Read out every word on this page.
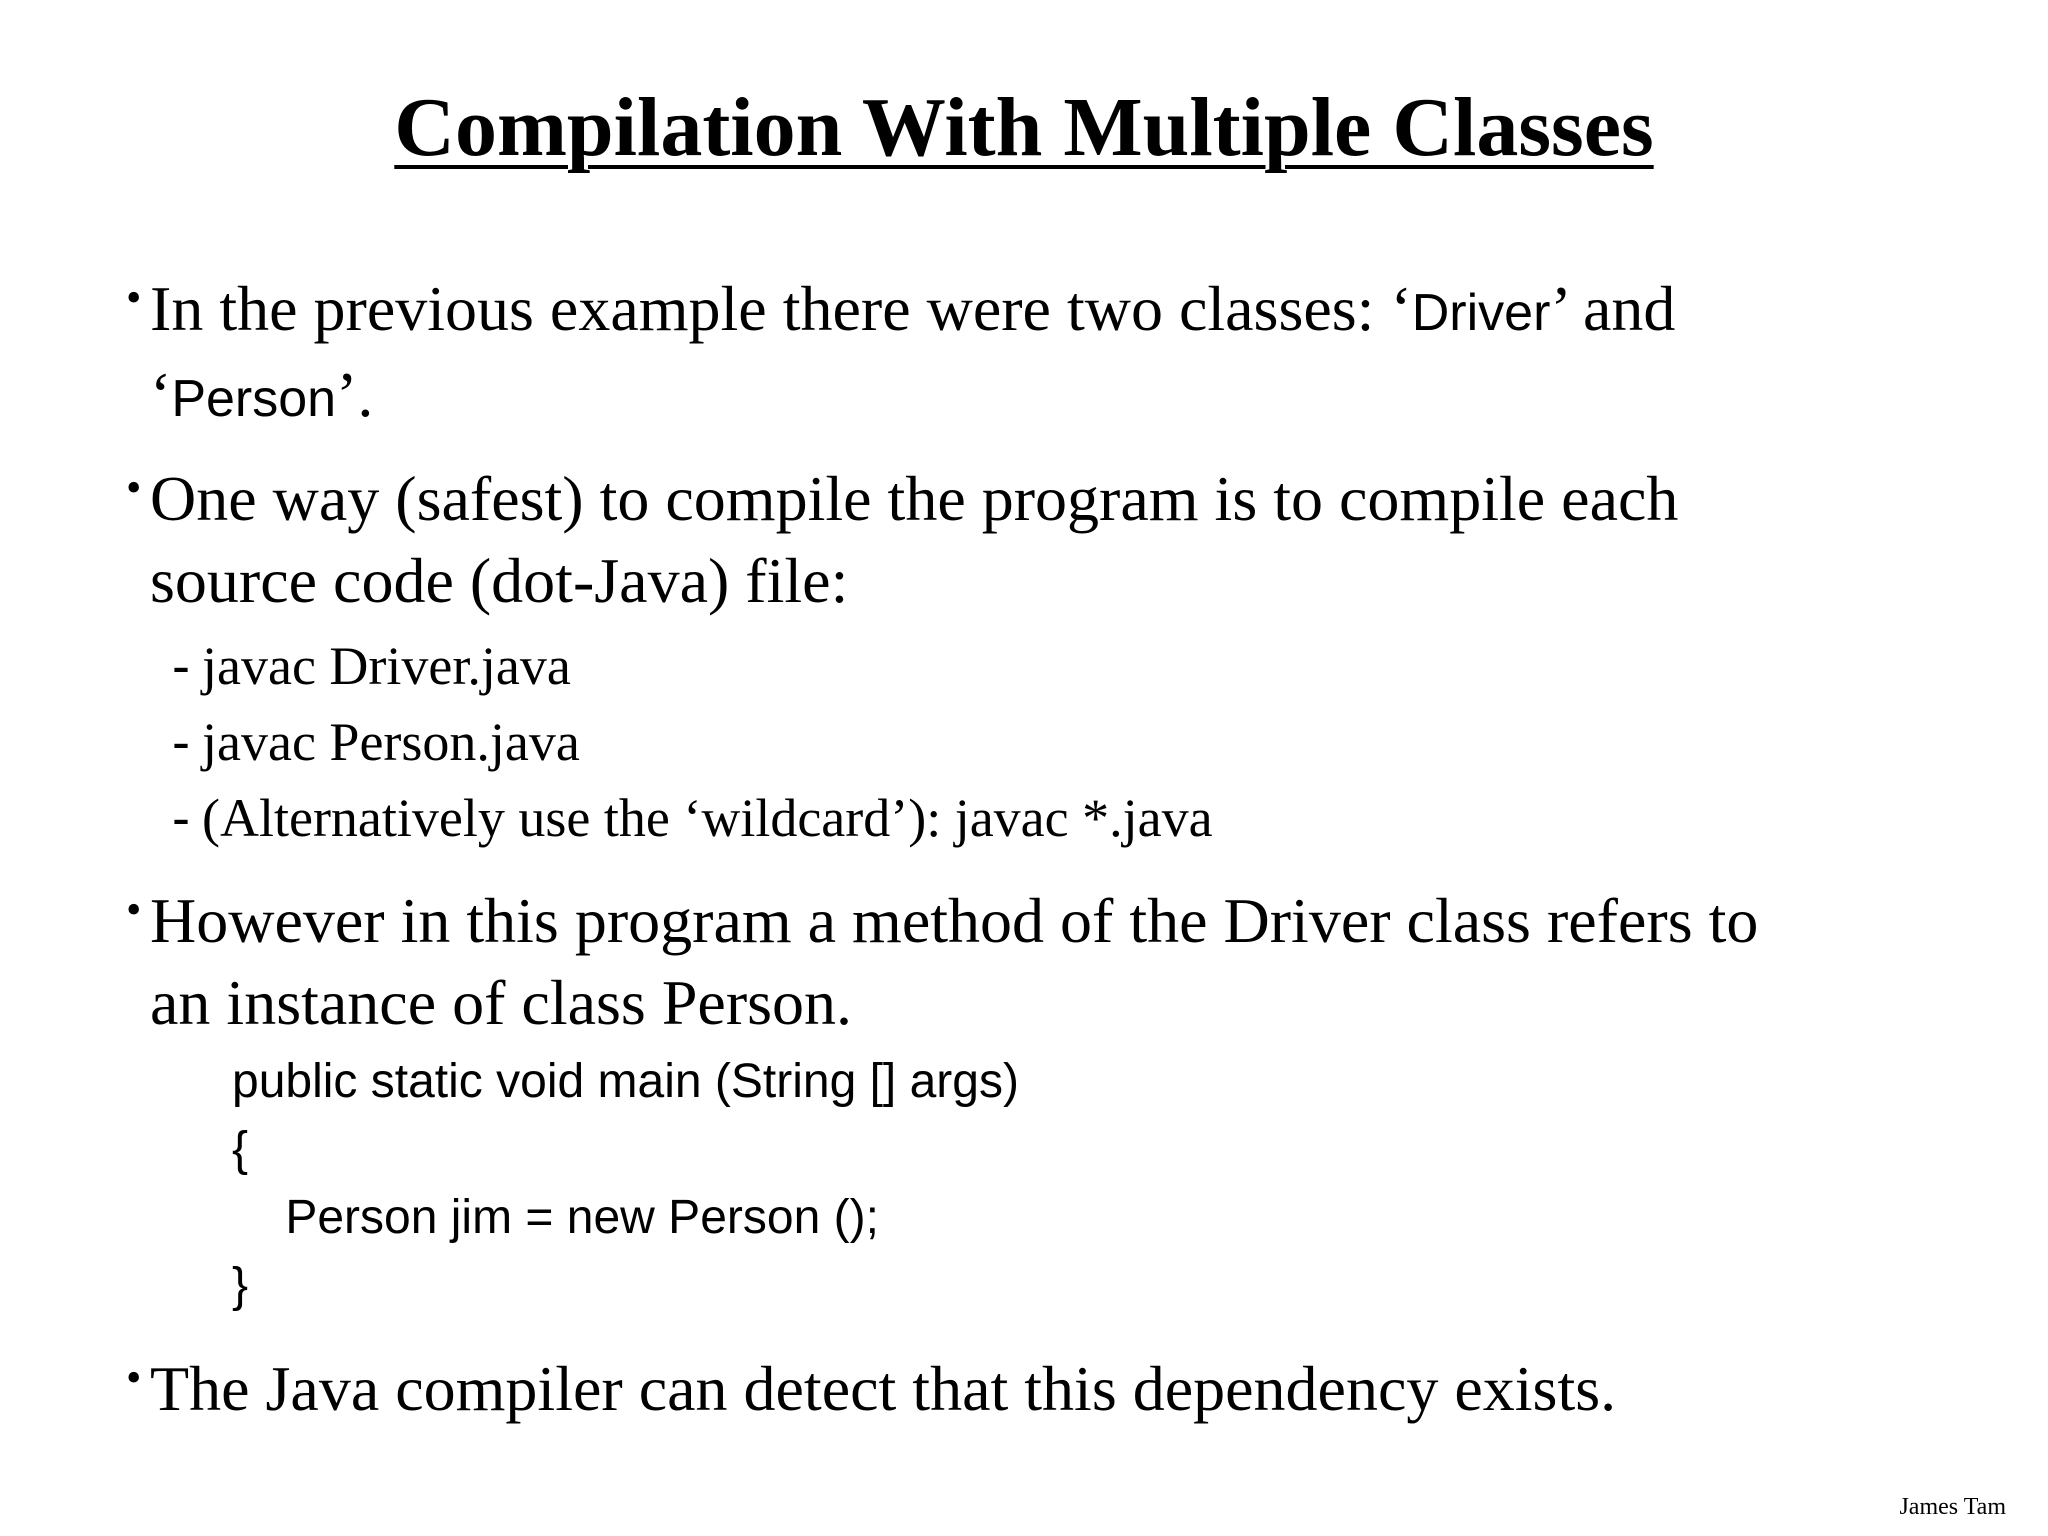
Compilation With Multiple Classes
• In the previous example there were two classes: ‘Driver’ and
‘Person’.
• One way (safest) to compile the program is to compile each
source code (dot-Java) file:
- javac Driver.java
- javac Person.java
- (Alternatively use the ‘wildcard’): javac *.java
• However in this program a method of the Driver class refers to
an instance of class Person.
public static void main (String [] args)
{
Person jim = new Person ();
}
• The Java compiler can detect that this dependency exists.
James Tam
